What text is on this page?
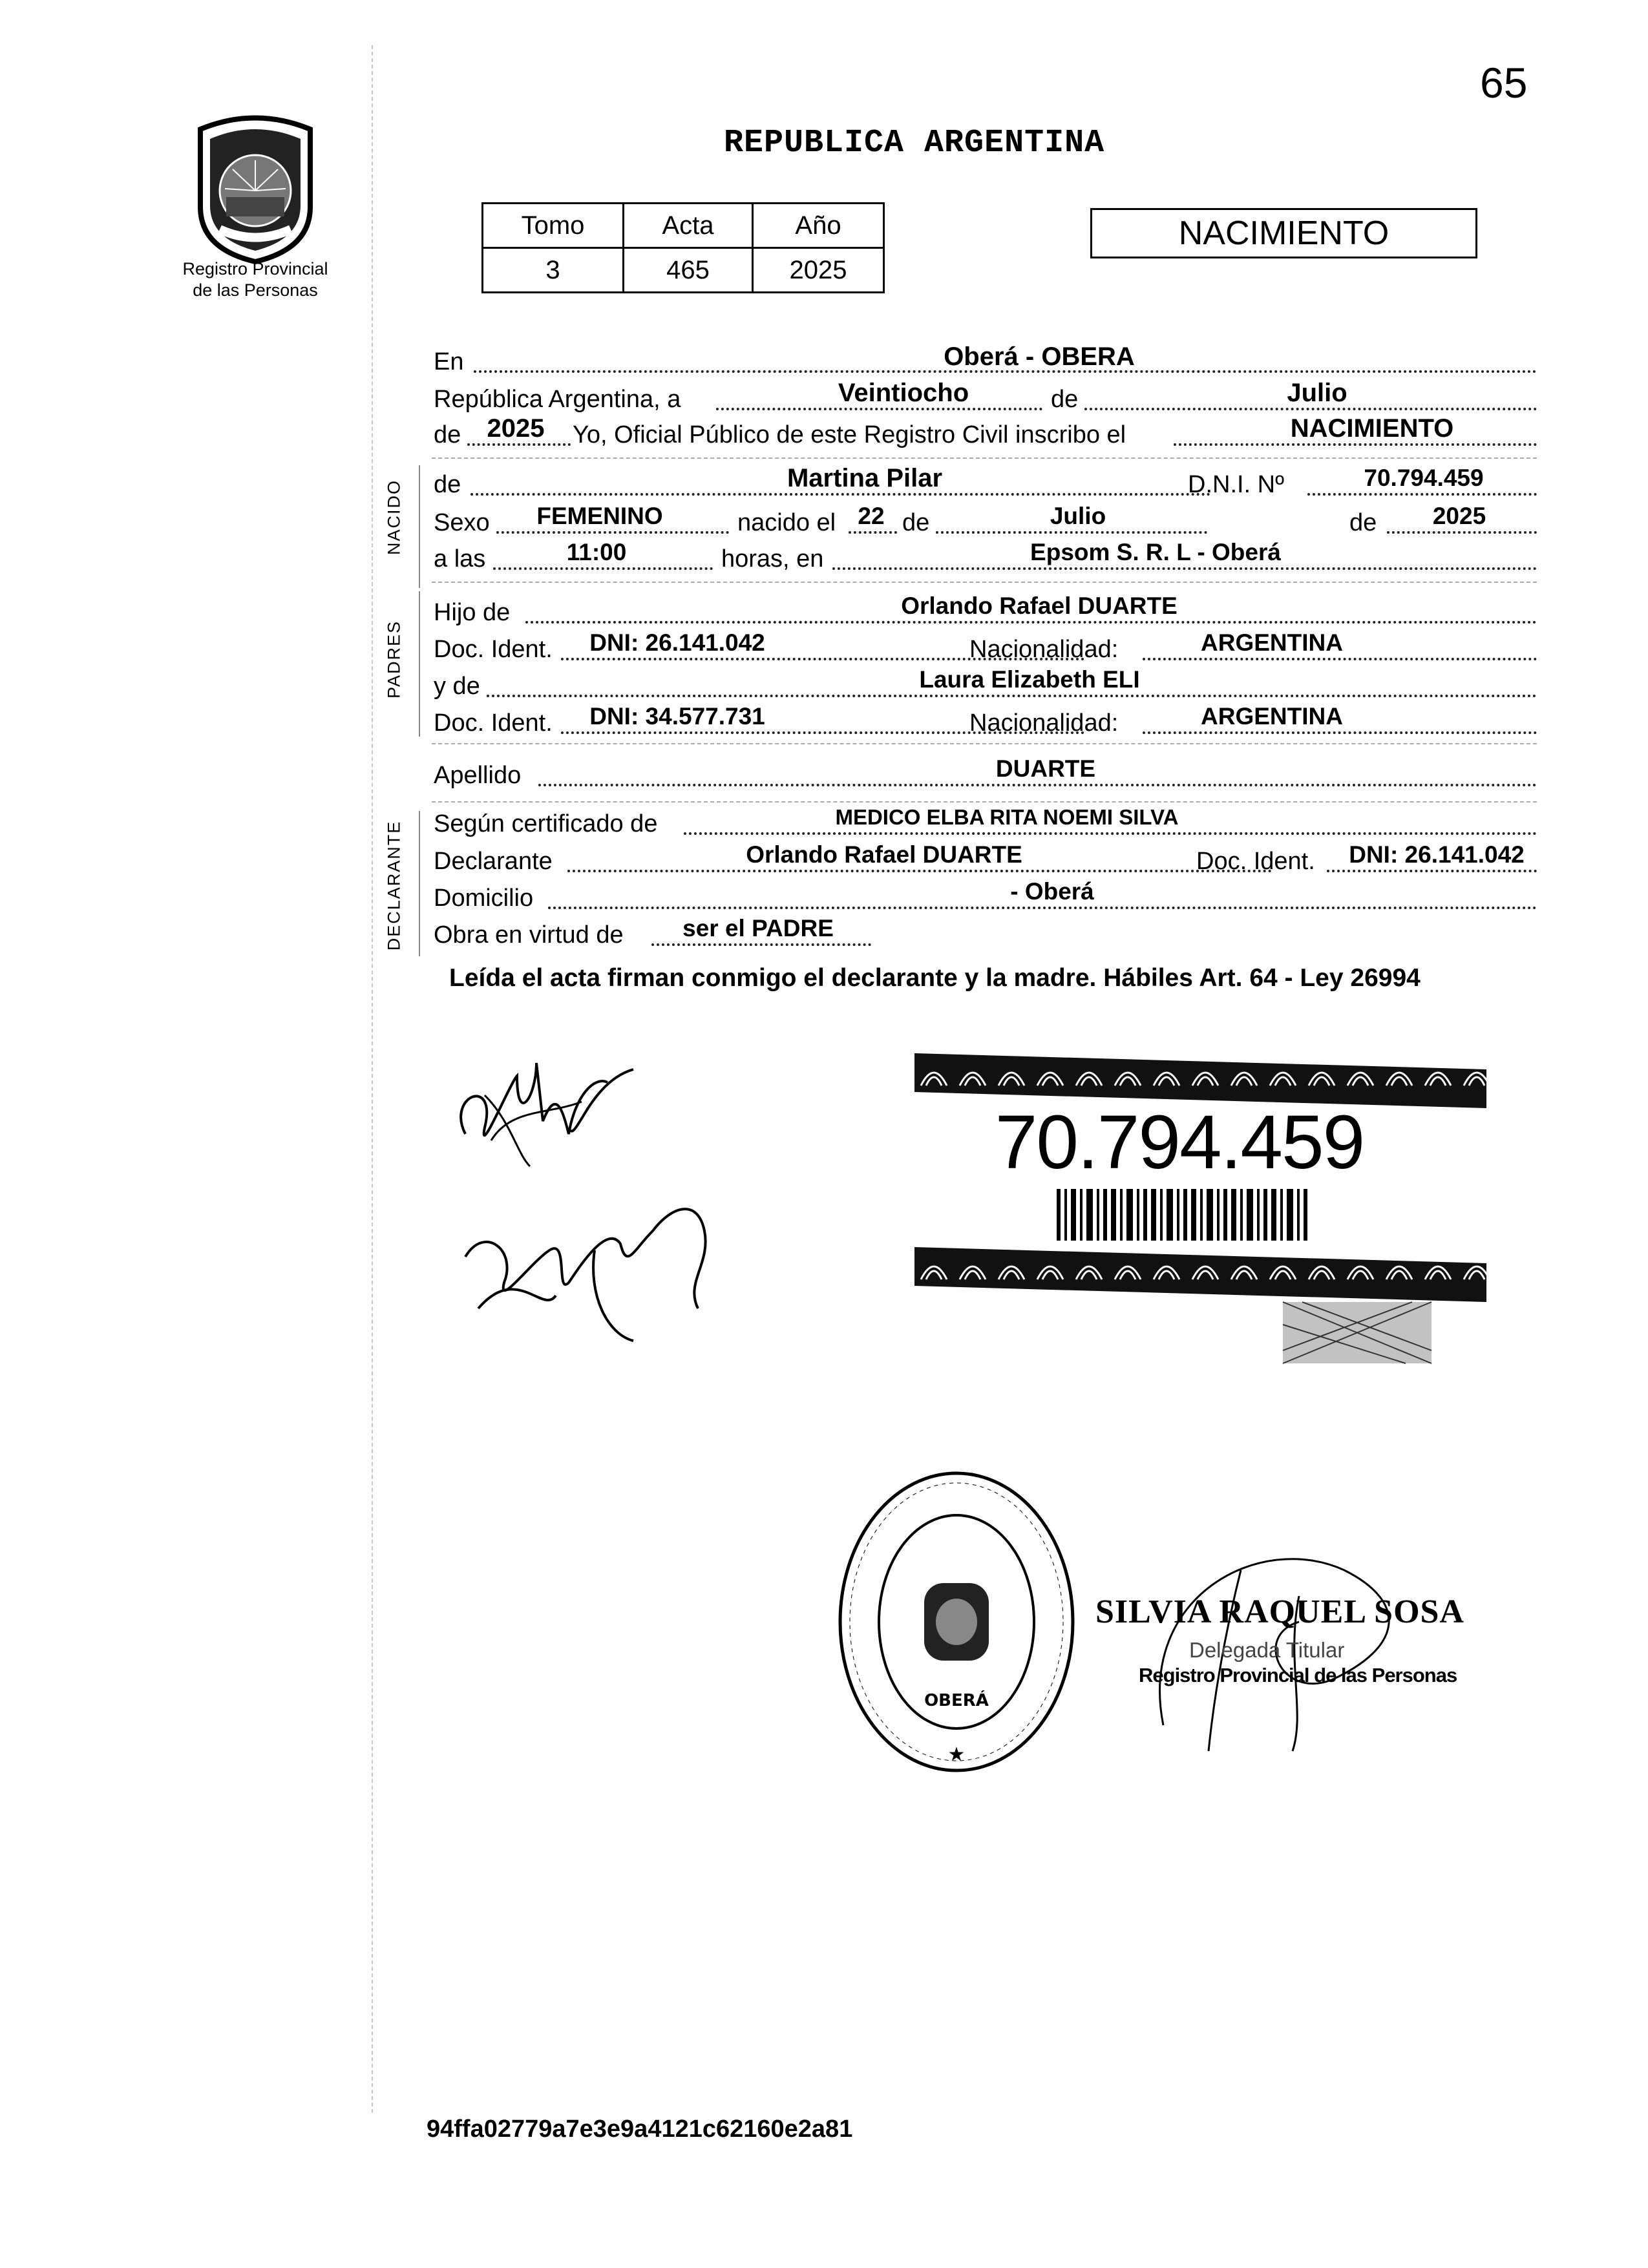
65
Registro Provincial
de las Personas
REPUBLICA ARGENTINA
Tomo	Acta	Año
3	465	2025
NACIMIENTO
En	Oberá - OBERA
República Argentina, a	Veintiocho	de	Julio
de	2025	Yo, Oficial Público de este Registro Civil inscribo el	NACIMIENTO
NACIDO de	Martina Pilar	D.N.I. Nº	70.794.459
Sexo	FEMENINO	nacido el 22 de	Julio	de	2025
a las	11:00	horas, en	Epsom S. R. L - Oberá
PADRES
Hijo de	Orlando Rafael DUARTE
Doc. Ident.	DNI: 26.141.042	Nacionalidad:	ARGENTINA
y de	Laura Elizabeth ELI
Doc. Ident.	DNI: 34.577.731	Nacionalidad:	ARGENTINA
Apellido	DUARTE
DECLARANTE Según certificado de	MEDICO ELBA RITA NOEMI SILVA
Declarante	Orlando Rafael DUARTE	Doc. Ident.	DNI: 26.141.042
Domicilio	- Oberá
Obra en virtud de	ser el PADRE
Leída el acta firman conmigo el declarante y la madre. Hábiles Art. 64 - Ley 26994
70.794.459
OBERÁ
★
SILVIA RAQUEL SOSA
Delegada Titular
Registro Provincial de las Personas
94ffa02779a7e3e9a4121c62160e2a81
